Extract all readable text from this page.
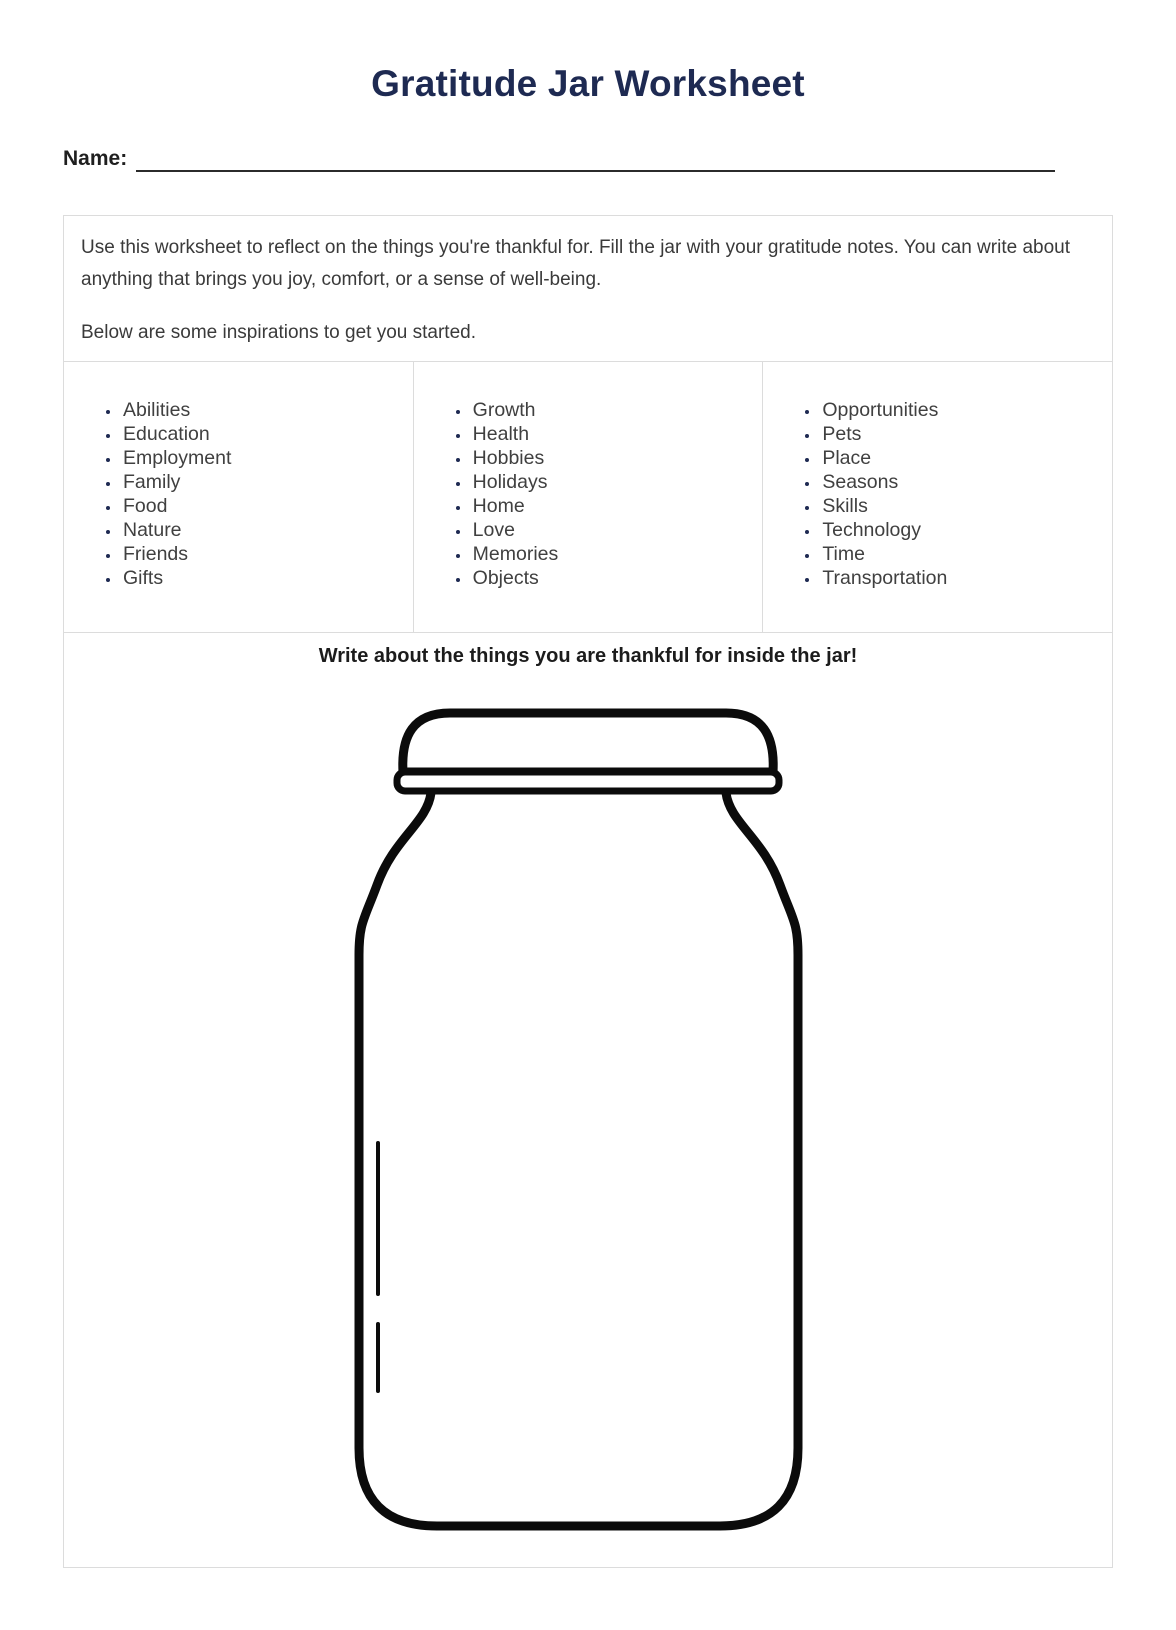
Gratitude Jar Worksheet
Name:

Use this worksheet to reflect on the things you're thankful for. Fill the jar with your gratitude notes. You can write about anything that brings you joy, comfort, or a sense of well-being.

Below are some inspirations to get you started.

• Abilities
• Education
• Employment
• Family
• Food
• Nature
• Friends
• Gifts
• Growth
• Health
• Hobbies
• Holidays
• Home
• Love
• Memories
• Objects
• Opportunities
• Pets
• Place
• Seasons
• Skills
• Technology
• Time
• Transportation
Write about the things you are thankful for inside the jar!
